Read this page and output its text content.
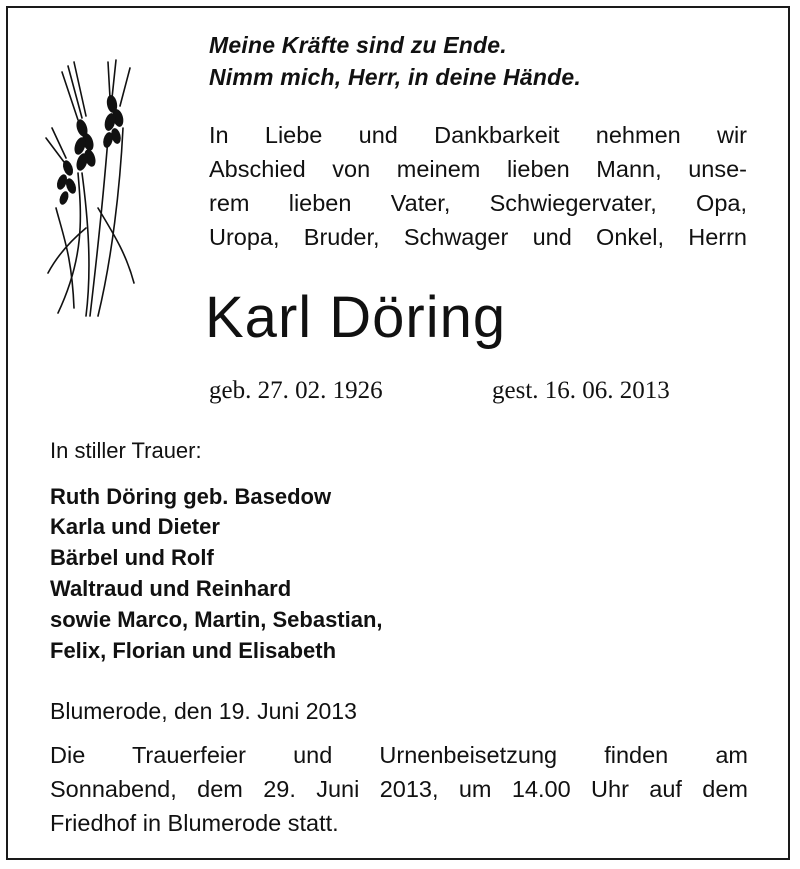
Meine Kräfte sind zu Ende.

Nimm mich, Herr, in deine Hände.

In Liebe und Dankbarkeit nehmen wir
Abschied von meinem lieben Mann, unse-
rem lieben Vater, Schwiegervater, Opa,
Uropa, Bruder, Schwager und Onkel, Herrn
Karl Döring

geb. 27. 02. 1926	gest. 16. 06. 2013

In stiller Trauer:

Ruth Döring geb. Basedow

Karla und Dieter

Bärbel und Rolf

Waltraud und Reinhard

sowie Marco, Martin, Sebastian,

Felix, Florian und Elisabeth

Blumerode, den 19. Juni 2013

Die Trauerfeier und Urnenbeisetzung finden am
Sonnabend, dem 29. Juni 2013, um 14.00 Uhr auf dem
Friedhof in Blumerode statt.
